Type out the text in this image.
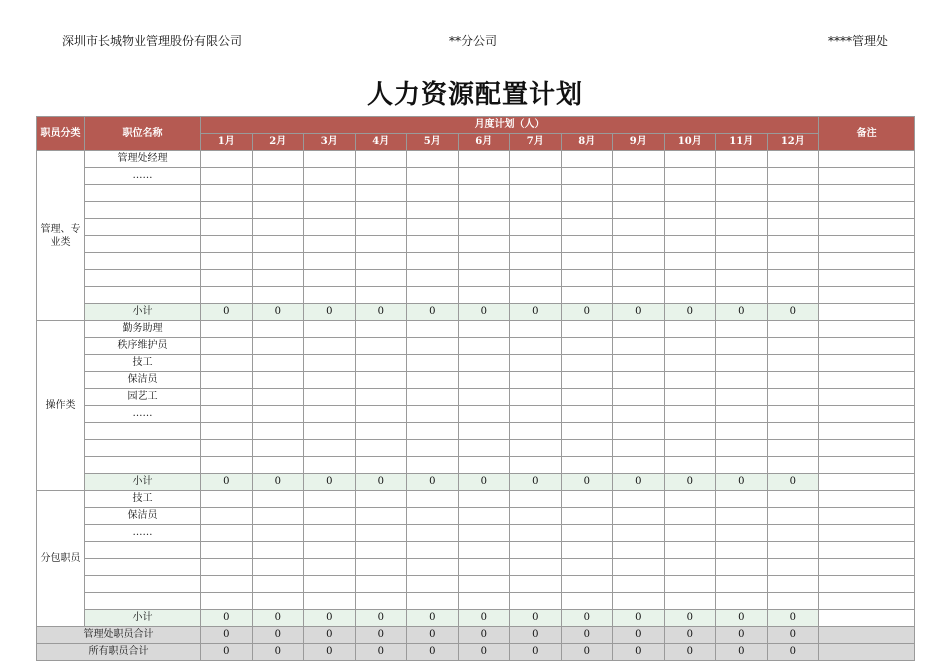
深圳市长城物业管理股份有限公司	**分公司	****管理处
人力资源配置计划
职员分类	职位名称	月度计划（人）												备注
		1月	2月	3月	4月	5月	6月	7月	8月	9月	10月	11月	12月	
管理、专业类	管理处经理													
	……													

	小计	0	0	0	0	0	0	0	0	0	0	0	0	
操作类	勤务助理													
	秩序维护员													
	技工													
	保洁员													
	园艺工													
	……													

	小计	0	0	0	0	0	0	0	0	0	0	0	0	
分包职员	技工													
	保洁员													
	……													

	小计	0	0	0	0	0	0	0	0	0	0	0	0	
管理处职员合计		0	0	0	0	0	0	0	0	0	0	0	0	
所有职员合计		0	0	0	0	0	0	0	0	0	0	0	0	
